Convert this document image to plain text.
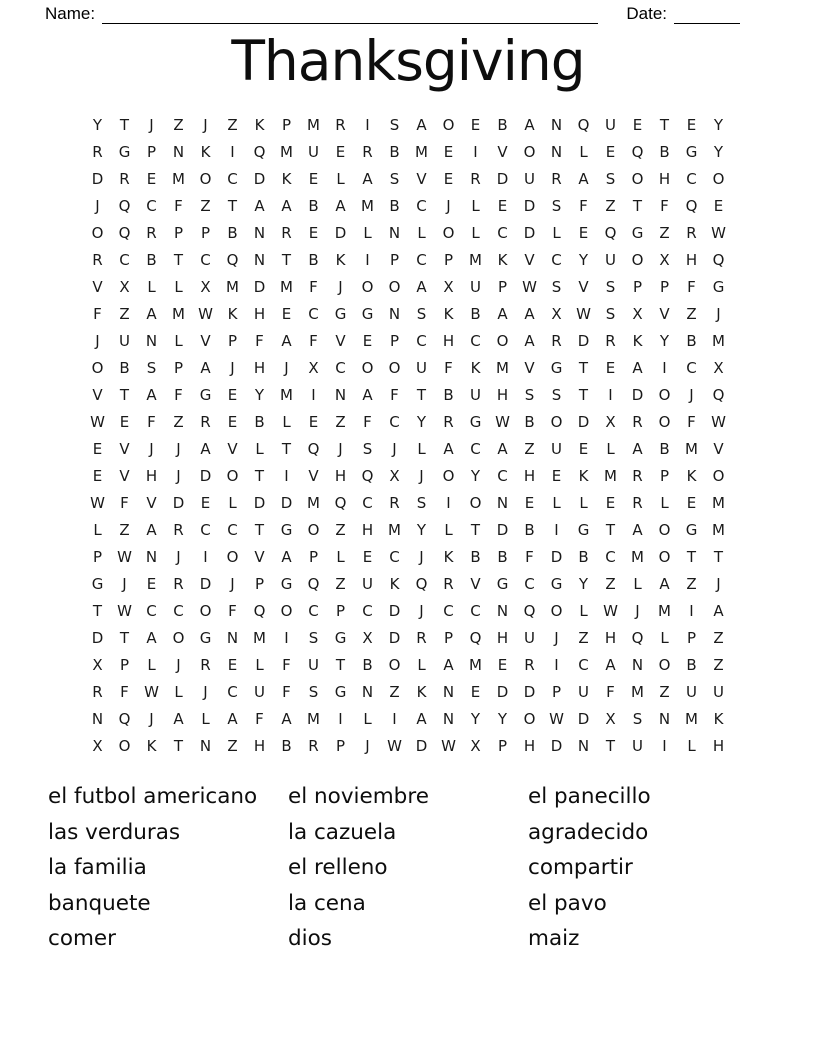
Name:	Date:
Thanksgiving
Y	T	J	Z	J	Z	K	P	M	R	I	S	A	O	E	B	A	N	Q	U	E	T	E	Y
R	G	P	N	K	I	Q M	U	E	R	B	M	E	I	V	O	N	L	E	Q	B	G	Y
D	R	E	M O	C	D	K	E	L	A	S	V	E	R	D	U	R	A	S	O	H	C	O
J	Q	C	F	Z	T	A	A	B	A	M	B	C	J	L	E	D	S	F	Z	T	F	Q	E
O	Q	R	P	P	B	N	R	E	D	L	N	L	O	L	C	D	L	E	Q	G	Z	R W
R	C	B	T	C	Q	N	T	B	K	I	P	C	P	M	K	V	C	Y	U	O	X	H	Q
V	X	L	L	X	M D M	F	J	O	O	A	X	U	P	W S	V	S	P	P	F	G
F	Z	A	M W K	H	E	C	G	G	N	S	K	B	A	A	X W S	X	V	Z	J
J	U	N	L	V	P	F	A	F	V	E	P	C	H	C	O	A	R	D	R	K	Y	B	M
O	B	S	P	A	J	H	J	X	C	O	O	U	F	K	M	V	G	T	E	A	I	C	X
V	T	A	F	G	E	Y	M	I	N	A	F	T	B	U	H	S	S	T	I	D	O	J	Q
W E	F	Z	R	E	B	L	E	Z	F	C	Y	R	G W B	O	D	X	R	O	F	W
E	V	J	J	A	V	L	T	Q	J	S	J	L	A	C	A	Z	U	E	L	A	B	M	V
E	V	H	J	D	O	T	I	V	H	Q	X	J	O	Y	C	H	E	K	M	R	P	K	O
W	F	V	D	E	L	D	D M Q	C	R	S	I	O	N	E	L	L	E	R	L	E	M
L	Z	A	R	C	C	T	G	O	Z	H M	Y	L	T	D	B	I	G	T	A	O	G M
P	W N	J	I	O	V	A	P	L	E	C	J	K	B	B	F	D	B	C	M O	T	T
G	J	E	R	D	J	P	G	Q	Z	U	K	Q	R	V	G	C	G	Y	Z	L	A	Z	J
T	W C	C	O	F	Q	O	C	P	C	D	J	C	C	N	Q	O	L	W	J	M	I	A
D	T	A	O	G	N M	I	S	G	X	D	R	P	Q	H	U	J	Z	H	Q	L	P	Z
X	P	L	J	R	E	L	F	U	T	B	O	L	A	M	E	R	I	C	A	N	O	B	Z
R	F	W	L	J	C	U	F	S	G	N	Z	K	N	E	D	D	P	U	F	M	Z	U	U
N	Q	J	A	L	A	F	A	M	I	L	I	A	N	Y	Y	O W D	X	S	N M	K
X	O	K	T	N	Z	H	B	R	P	J	W D W X	P	H	D	N	T	U	I	L	H
el futbol americano
las verduras
la familia
banquete
comer
el noviembre
la cazuela
el relleno
la cena
dios
el panecillo
agradecido
compartir
el pavo
maiz
